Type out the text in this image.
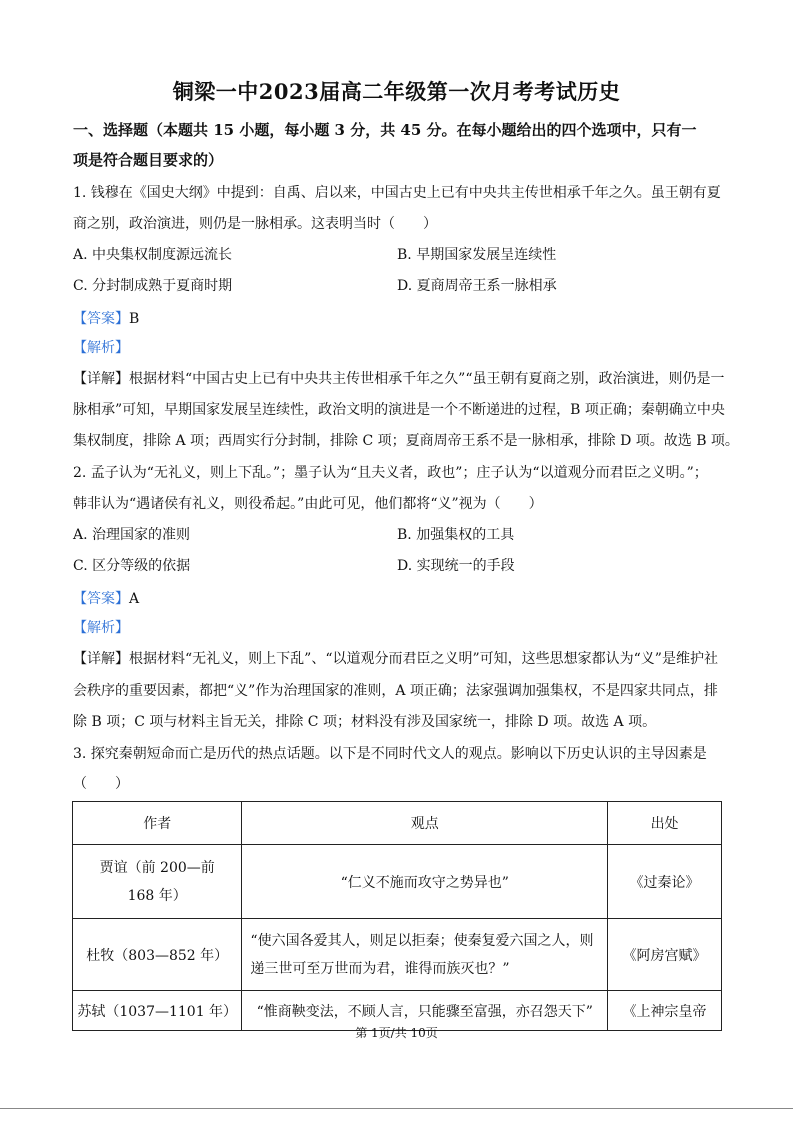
铜梁一中2023届高二年级第一次月考考试历史
一、选择题（本题共 15 小题，每小题 3 分，共 45 分。在每小题给出的四个选项中，只有一
项是符合题目要求的）
1. 钱穆在《国史大纲》中提到：自禹、启以来，中国古史上已有中央共主传世相承千年之久。虽王朝有夏
商之别，政治演进，则仍是一脉相承。这表明当时（　　）
A. 中央集权制度源远流长	B. 早期国家发展呈连续性
C. 分封制成熟于夏商时期	D. 夏商周帝王系一脉相承
【答案】B
【解析】
【详解】根据材料“中国古史上已有中央共主传世相承千年之久”“虽王朝有夏商之别，政治演进，则仍是一
脉相承”可知，早期国家发展呈连续性，政治文明的演进是一个不断递进的过程，B 项正确；秦朝确立中央
集权制度，排除 A 项；西周实行分封制，排除 C 项；夏商周帝王系不是一脉相承，排除 D 项。故选 B 项。
2. 孟子认为“无礼义，则上下乱。”；墨子认为“且夫义者，政也”；庄子认为“以道观分而君臣之义明。”；
韩非认为“遇诸侯有礼义，则役希起。”由此可见，他们都将“义”视为（　　）
A. 治理国家的准则	B. 加强集权的工具
C. 区分等级的依据	D. 实现统一的手段
【答案】A
【解析】
【详解】根据材料“无礼义，则上下乱”、“以道观分而君臣之义明”可知，这些思想家都认为“义”是维护社
会秩序的重要因素，都把“义”作为治理国家的准则，A 项正确；法家强调加强集权，不是四家共同点，排
除 B 项；C 项与材料主旨无关，排除 C 项；材料没有涉及国家统一，排除 D 项。故选 A 项。
3. 探究秦朝短命而亡是历代的热点话题。以下是不同时代文人的观点。影响以下历史认识的主导因素是
（　　）
作者	观点	出处
贾谊（前 200—前
168 年）	“仁义不施而攻守之势异也”	《过秦论》
杜牧（803—852 年）	“使六国各爱其人，则足以拒秦；使秦复爱六国之人，则
递三世可至万世而为君，谁得而族灭也？”	《阿房宫赋》
苏轼（1037—1101 年）	“惟商鞅变法，不顾人言，只能骤至富强，亦召怨天下”	《上神宗皇帝
第 1页/共 10页
